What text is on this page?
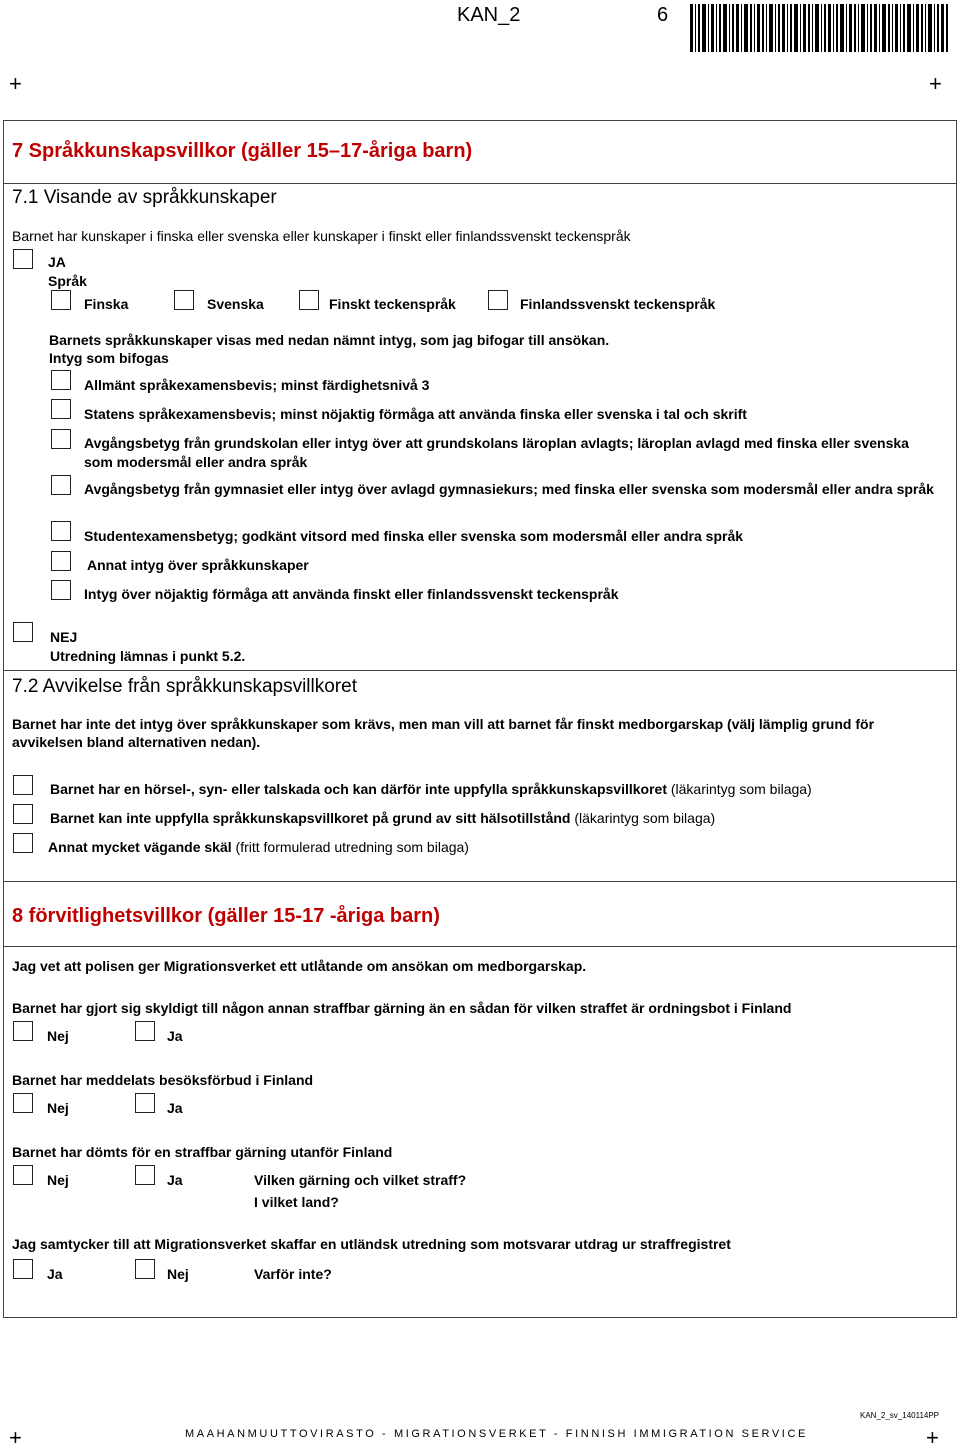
KAN_2	6
+	+
7 Språkkunskapsvillkor (gäller 15–17-åriga barn)
7.1 Visande av språkkunskaper
Barnet har kunskaper i finska eller svenska eller kunskaper i finskt eller finlandssvenskt teckenspråk
JA
Språk
Finska	Svenska	Finskt teckenspråk	Finlandssvenskt teckenspråk
Barnets språkkunskaper visas med nedan nämnt intyg, som jag bifogar till ansökan.
Intyg som bifogas
Allmänt språkexamensbevis; minst färdighetsnivå 3
Statens språkexamensbevis; minst nöjaktig förmåga att använda finska eller svenska i tal och skrift
Avgångsbetyg från grundskolan eller intyg över att grundskolans läroplan avlagts; läroplan avlagd med finska eller svenska som modersmål eller andra språk
Avgångsbetyg från gymnasiet eller intyg över avlagd gymnasiekurs; med finska eller svenska som modersmål eller andra språk
Studentexamensbetyg; godkänt vitsord med finska eller svenska som modersmål eller andra språk
Annat intyg över språkkunskaper
Intyg över nöjaktig förmåga att använda finskt eller finlandssvenskt teckenspråk
NEJ
Utredning lämnas i punkt 5.2.
7.2 Avvikelse från språkkunskapsvillkoret
Barnet har inte det intyg över språkkunskaper som krävs, men man vill att barnet får finskt medborgarskap (välj lämplig grund för avvikelsen bland alternativen nedan).
Barnet har en hörsel-, syn- eller talskada och kan därför inte uppfylla språkkunskapsvillkoret (läkarintyg som bilaga)
Barnet kan inte uppfylla språkkunskapsvillkoret på grund av sitt hälsotillstånd (läkarintyg som bilaga)
Annat mycket vägande skäl (fritt formulerad utredning som bilaga)
8 förvitlighetsvillkor (gäller 15-17 -åriga barn)
Jag vet att polisen ger Migrationsverket ett utlåtande om ansökan om medborgarskap.
Barnet har gjort sig skyldigt till någon annan straffbar gärning än en sådan för vilken straffet är ordningsbot i Finland
Nej	Ja
Barnet har meddelats besöksförbud i Finland
Nej	Ja
Barnet har dömts för en straffbar gärning utanför Finland
Nej	Ja	Vilken gärning och vilket straff?
I vilket land?
Jag samtycker till att Migrationsverket skaffar en utländsk utredning som motsvarar utdrag ur straffregistret
Ja	Nej	Varför inte?
KAN_2_sv_140114PP
MAAHANMUUTTOVIRASTO - MIGRATIONSVERKET - FINNISH IMMIGRATION SERVICE
+	+
